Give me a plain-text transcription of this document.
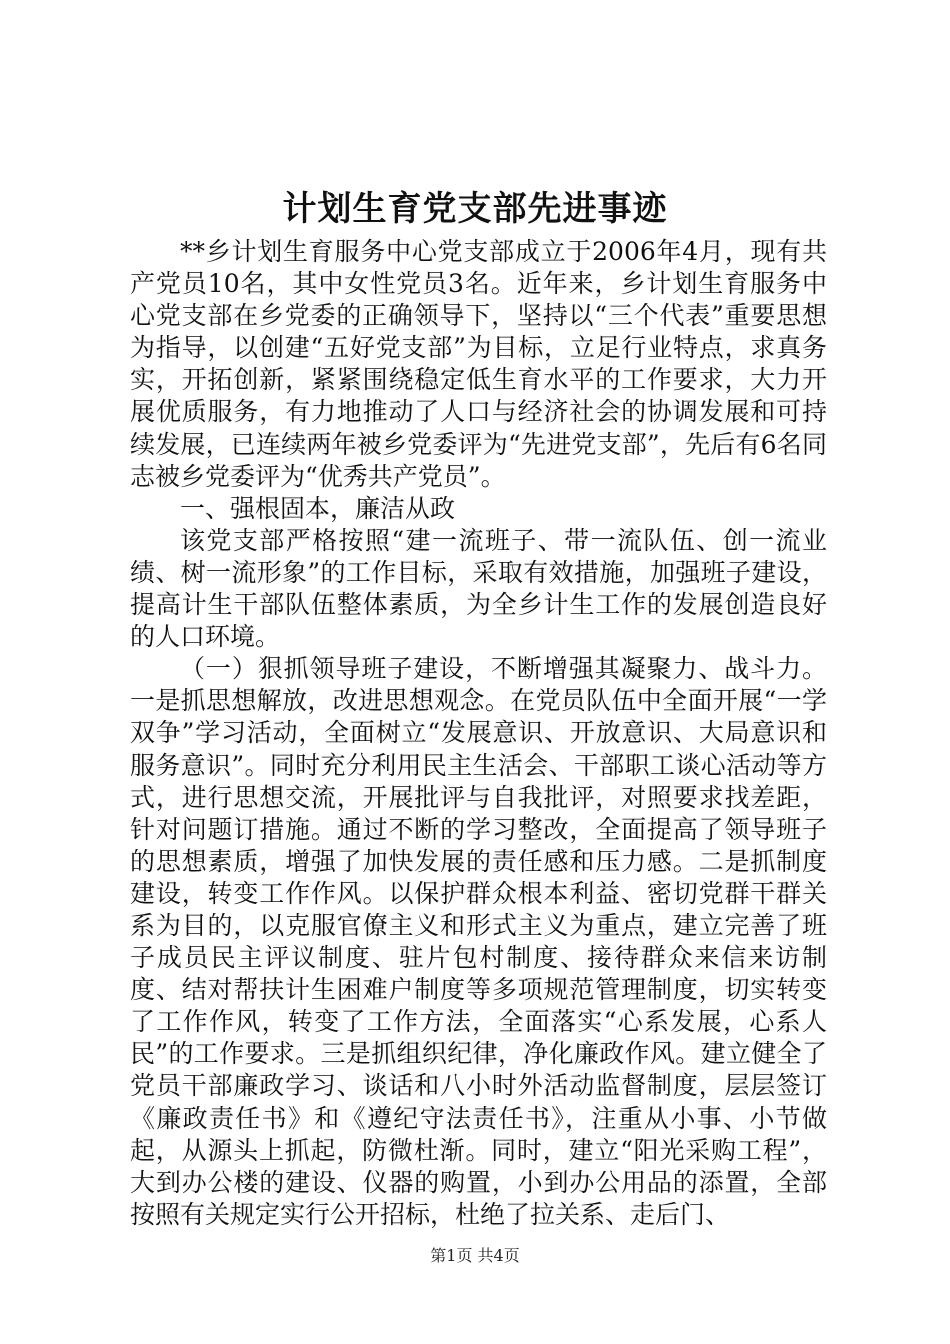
计划生育党支部先进事迹

**乡计划生育服务中心党支部成立于2006年4月，现有共产党员10名，其中女性党员3名。近年来，乡计划生育服务中心党支部在乡党委的正确领导下，坚持以“三个代表”重要思想为指导，以创建“五好党支部”为目标，立足行业特点，求真务实，开拓创新，紧紧围绕稳定低生育水平的工作要求，大力开展优质服务，有力地推动了人口与经济社会的协调发展和可持续发展，已连续两年被乡党委评为“先进党支部”，先后有6名同志被乡党委评为“优秀共产党员”。

一、强根固本，廉洁从政

该党支部严格按照“建一流班子、带一流队伍、创一流业绩、树一流形象”的工作目标，采取有效措施，加强班子建设，提高计生干部队伍整体素质，为全乡计生工作的发展创造良好的人口环境。

（一）狠抓领导班子建设，不断增强其凝聚力、战斗力。一是抓思想解放，改进思想观念。在党员队伍中全面开展“一学双争”学习活动，全面树立“发展意识、开放意识、大局意识和服务意识”。同时充分利用民主生活会、干部职工谈心活动等方式，进行思想交流，开展批评与自我批评，对照要求找差距，针对问题订措施。通过不断的学习整改，全面提高了领导班子的思想素质，增强了加快发展的责任感和压力感。二是抓制度建设，转变工作作风。以保护群众根本利益、密切党群干群关系为目的，以克服官僚主义和形式主义为重点，建立完善了班子成员民主评议制度、驻片包村制度、接待群众来信来访制度、结对帮扶计生困难户制度等多项规范管理制度，切实转变了工作作风，转变了工作方法，全面落实“心系发展，心系人民”的工作要求。三是抓组织纪律，净化廉政作风。建立健全了党员干部廉政学习、谈话和八小时外活动监督制度，层层签订《廉政责任书》和《遵纪守法责任书》，注重从小事、小节做起，从源头上抓起，防微杜渐。同时，建立“阳光采购工程”，大到办公楼的建设、仪器的购置，小到办公用品的添置，全部按照有关规定实行公开招标，杜绝了拉关系、走后门、

第1页 共4页
